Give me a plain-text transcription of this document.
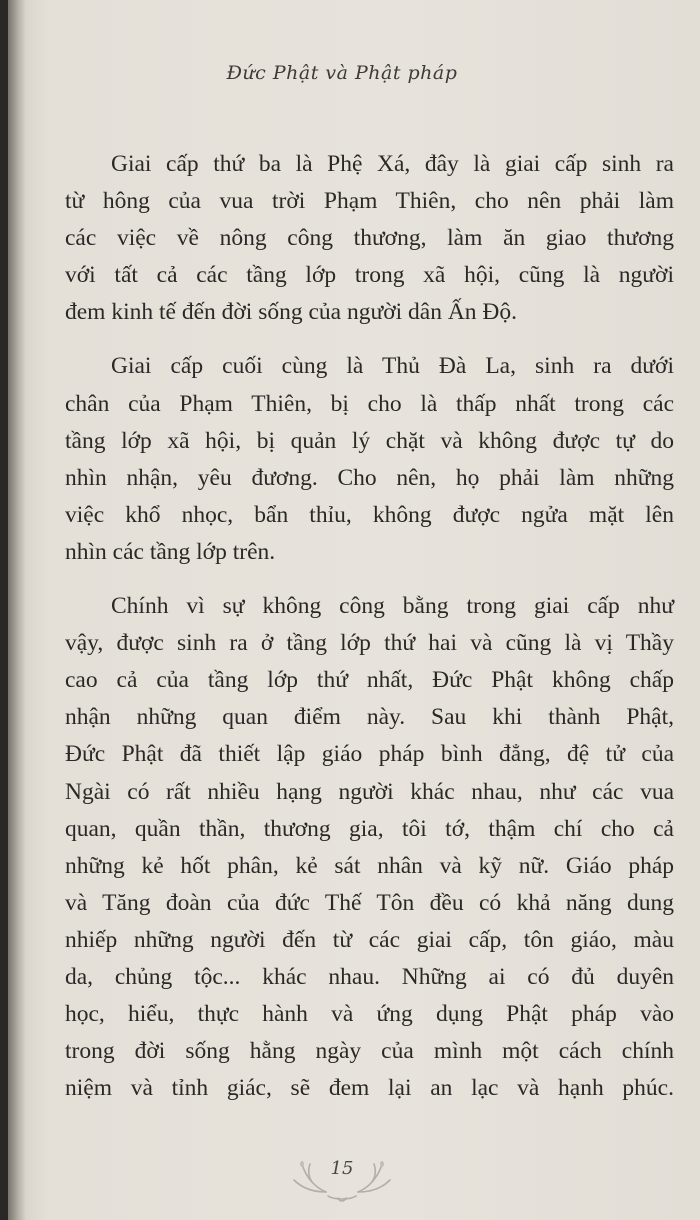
Đức Phật và Phật pháp
Giai cấp thứ ba là Phệ Xá, đây là giai cấp sinh ra
từ hông của vua trời Phạm Thiên, cho nên phải làm
các việc về nông công thương, làm ăn giao thương
với tất cả các tầng lớp trong xã hội, cũng là người
đem kinh tế đến đời sống của người dân Ấn Độ.
Giai cấp cuối cùng là Thủ Đà La, sinh ra dưới
chân của Phạm Thiên, bị cho là thấp nhất trong các
tầng lớp xã hội, bị quản lý chặt và không được tự do
nhìn nhận, yêu đương. Cho nên, họ phải làm những
việc khổ nhọc, bẩn thỉu, không được ngửa mặt lên
nhìn các tầng lớp trên.
Chính vì sự không công bằng trong giai cấp như
vậy, được sinh ra ở tầng lớp thứ hai và cũng là vị Thầy
cao cả của tầng lớp thứ nhất, Đức Phật không chấp
nhận những quan điểm này. Sau khi thành Phật,
Đức Phật đã thiết lập giáo pháp bình đẳng, đệ tử của
Ngài có rất nhiều hạng người khác nhau, như các vua
quan, quần thần, thương gia, tôi tớ, thậm chí cho cả
những kẻ hốt phân, kẻ sát nhân và kỹ nữ. Giáo pháp
và Tăng đoàn của đức Thế Tôn đều có khả năng dung
nhiếp những người đến từ các giai cấp, tôn giáo, màu
da, chủng tộc... khác nhau. Những ai có đủ duyên
học, hiểu, thực hành và ứng dụng Phật pháp vào
trong đời sống hằng ngày của mình một cách chính
niệm và tỉnh giác, sẽ đem lại an lạc và hạnh phúc.
15
